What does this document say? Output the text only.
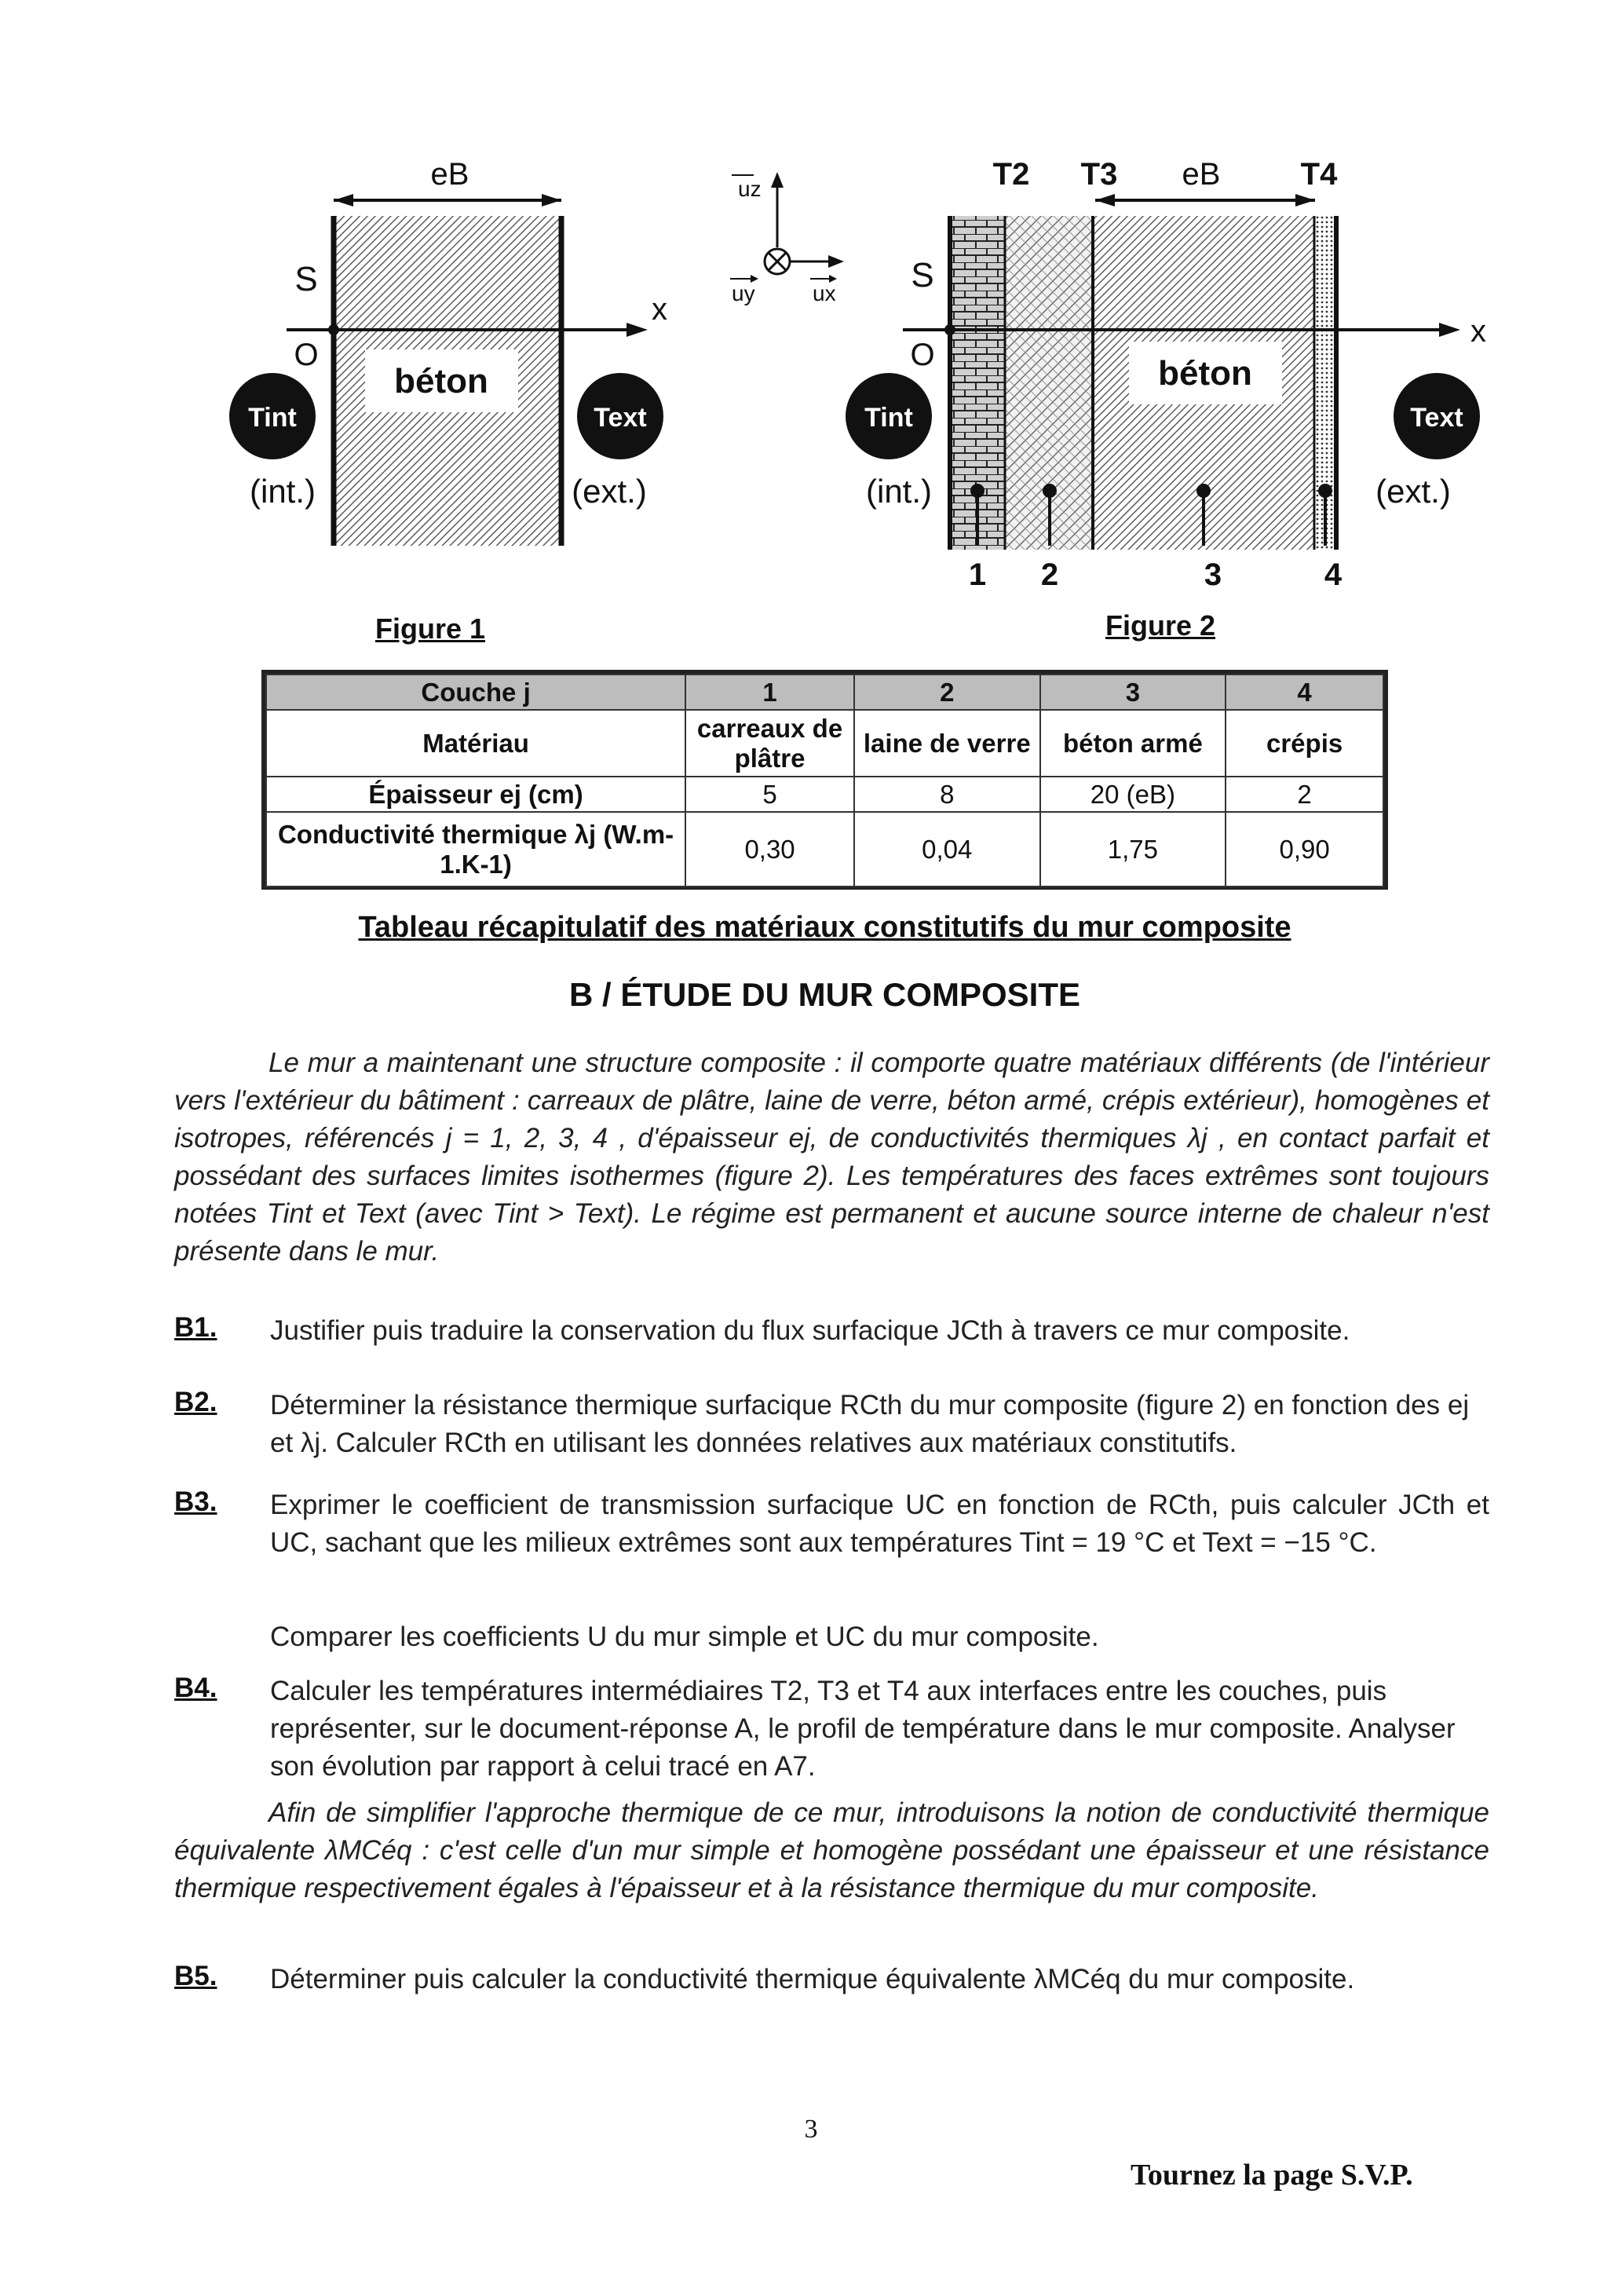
eB
x
S
O
béton
Tint	Text
(int.)	(ext.)
Figure 1
uz
uy	ux
T2 T3 eB	T4
x
S
O	béton
Tint	Text
(int.)	(ext.)
1 2	3	4
Figure 2
Couche j	1	2	3	4
Matériau	carreaux de plâtre	laine de verre	béton armé	crépis
Épaisseur ej (cm)	5	8	20 (eB)	2
Conductivité thermique λj (W.m-1.K-1)	0,30	0,04	1,75	0,90
Tableau récapitulatif des matériaux constitutifs du mur composite
B / ÉTUDE DU MUR COMPOSITE
Le mur a maintenant une structure composite : il comporte quatre matériaux différents (de l'intérieur vers l'extérieur du bâtiment : carreaux de plâtre, laine de verre, béton armé, crépis extérieur), homogènes et isotropes, référencés j = 1, 2, 3, 4 , d'épaisseur ej, de conductivités thermiques λj , en contact parfait et possédant des surfaces limites isothermes (figure 2). Les températures des faces extrêmes sont toujours notées Tint et Text (avec Tint > Text). Le régime est permanent et aucune source interne de chaleur n'est présente dans le mur.
B1. Justifier puis traduire la conservation du flux surfacique JCth à travers ce mur composite.
B2. Déterminer la résistance thermique surfacique RCth du mur composite (figure 2) en fonction des ej et λj. Calculer RCth en utilisant les données relatives aux matériaux constitutifs.
B3. Exprimer le coefficient de transmission surfacique UC en fonction de RCth, puis calculer JCth et UC, sachant que les milieux extrêmes sont aux températures Tint = 19 °C et Text = −15 °C.
Comparer les coefficients U du mur simple et UC du mur composite.
B4. Calculer les températures intermédiaires T2, T3 et T4 aux interfaces entre les couches, puis représenter, sur le document-réponse A, le profil de température dans le mur composite. Analyser son évolution par rapport à celui tracé en A7.
Afin de simplifier l'approche thermique de ce mur, introduisons la notion de conductivité thermique équivalente λMCéq : c'est celle d'un mur simple et homogène possédant une épaisseur et une résistance thermique respectivement égales à l'épaisseur et à la résistance thermique du mur composite.
B5. Déterminer puis calculer la conductivité thermique équivalente λMCéq du mur composite.
3
Tournez la page S.V.P.
